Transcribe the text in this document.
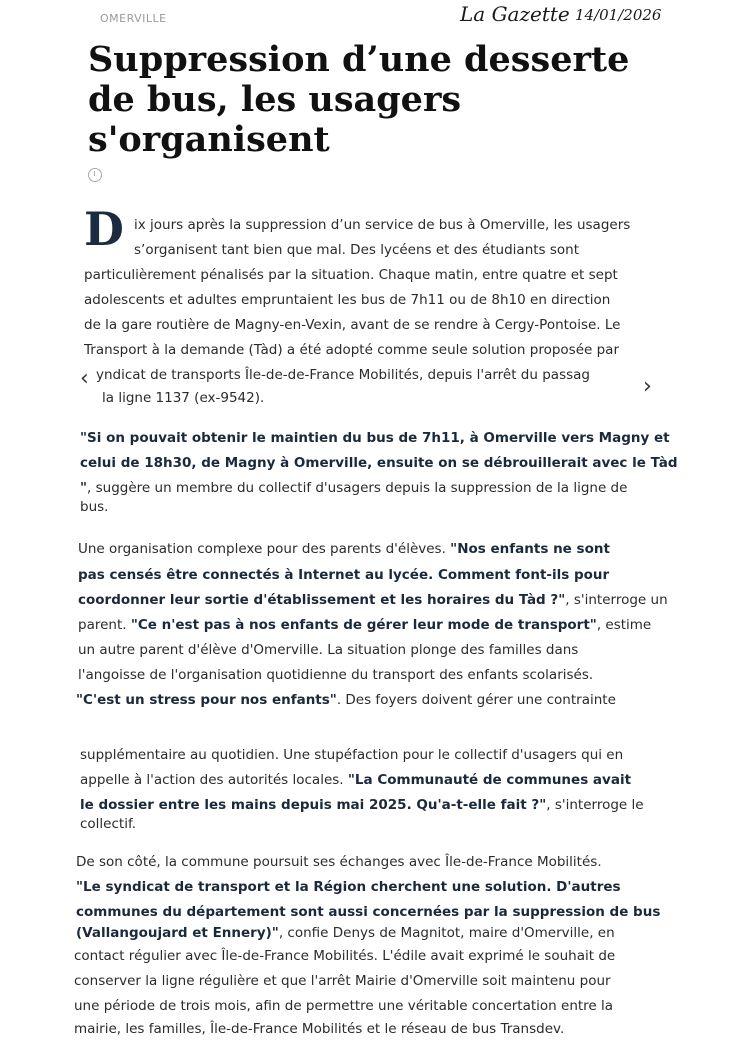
OMERVILLE	La Gazette 14/01/2026
Suppression d’une desserte de bus, les usagers s'organisent
D ix jours après la suppression d’un service de bus à Omerville, les usagers
s’organisent tant bien que mal. Des lycéens et des étudiants sont
particulièrement pénalisés par la situation. Chaque matin, entre quatre et sept
adolescents et adultes empruntaient les bus de 7h11 ou de 8h10 en direction
de la gare routière de Magny-en-Vexin, avant de se rendre à Cergy-Pontoise. Le
Transport à la demande (Tàd) a été adopté comme seule solution proposée par
yndicat de transports Île-de-de-France Mobilités, depuis l'arrêt du passag
la ligne 1137 (ex-9542).
"Si on pouvait obtenir le maintien du bus de 7h11, à Omerville vers Magny et
celui de 18h30, de Magny à Omerville, ensuite on se débrouillerait avec le Tàd
", suggère un membre du collectif d'usagers depuis la suppression de la ligne de
bus.
Une organisation complexe pour des parents d'élèves. "Nos enfants ne sont
pas censés être connectés à Internet au lycée. Comment font-ils pour
coordonner leur sortie d'établissement et les horaires du Tàd ?", s'interroge un
parent. "Ce n'est pas à nos enfants de gérer leur mode de transport", estime
un autre parent d'élève d'Omerville. La situation plonge des familles dans
l'angoisse de l'organisation quotidienne du transport des enfants scolarisés.
"C'est un stress pour nos enfants". Des foyers doivent gérer une contrainte
supplémentaire au quotidien. Une stupéfaction pour le collectif d'usagers qui en
appelle à l'action des autorités locales. "La Communauté de communes avait
le dossier entre les mains depuis mai 2025. Qu'a-t-elle fait ?", s'interroge le
collectif.
De son côté, la commune poursuit ses échanges avec Île-de-France Mobilités.
"Le syndicat de transport et la Région cherchent une solution. D'autres
communes du département sont aussi concernées par la suppression de bus
(Vallangoujard et Ennery)", confie Denys de Magnitot, maire d'Omerville, en
contact régulier avec Île-de-France Mobilités. L'édile avait exprimé le souhait de
conserver la ligne régulière et que l'arrêt Mairie d'Omerville soit maintenu pour
une période de trois mois, afin de permettre une véritable concertation entre la
mairie, les familles, Île-de-France Mobilités et le réseau de bus Transdev.
‹	›
